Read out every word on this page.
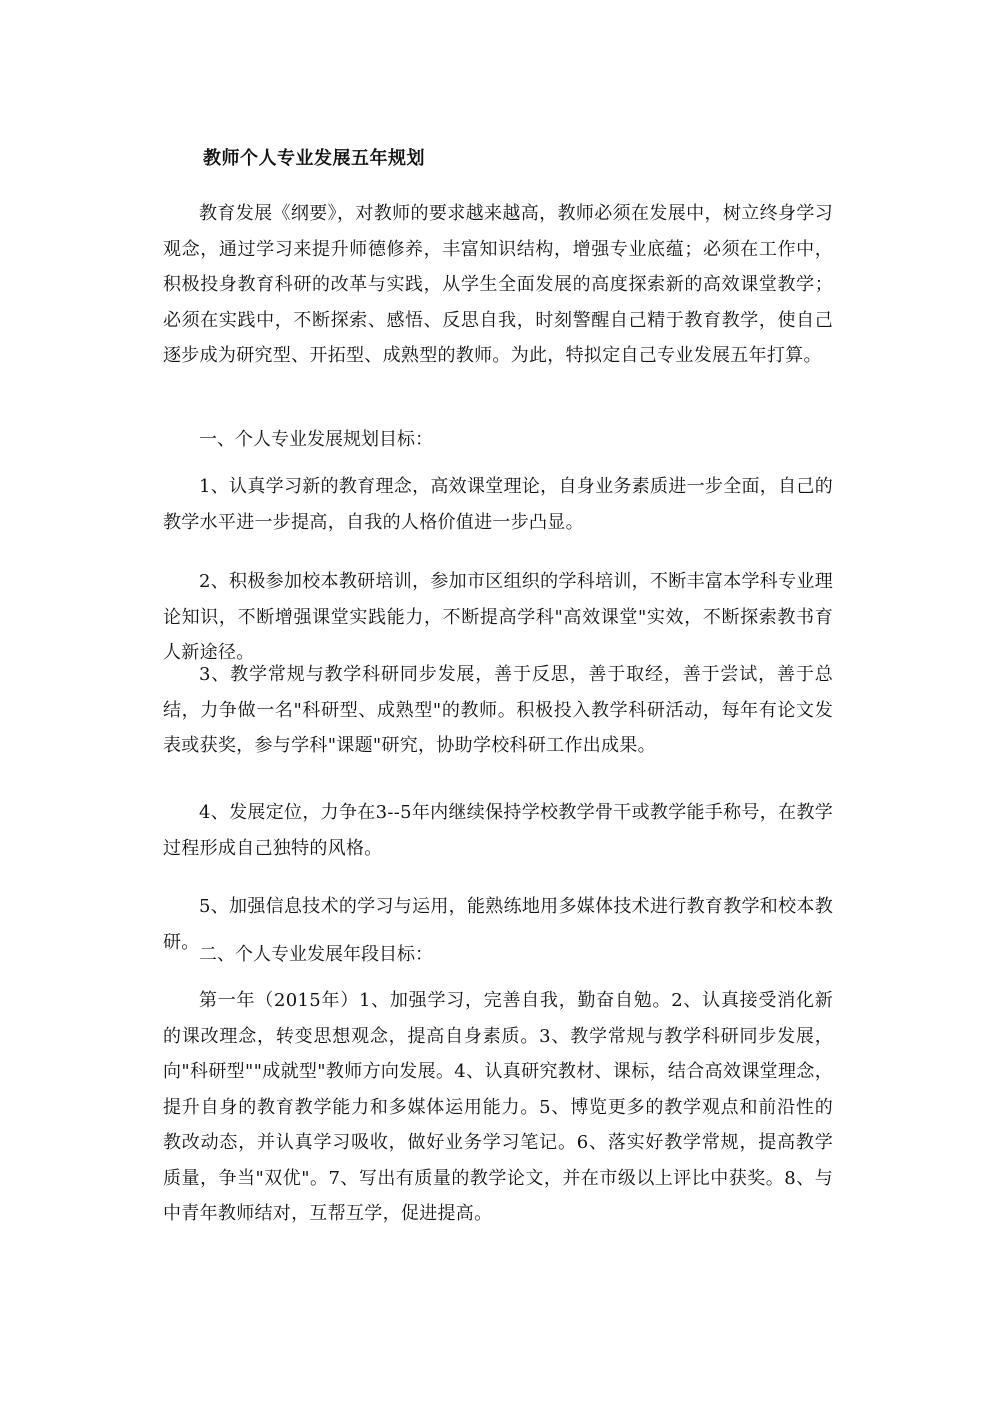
教师个人专业发展五年规划
教育发展《纲要》，对教师的要求越来越高，教师必须在发展中，树立终身学习观念，通过学习来提升师德修养，丰富知识结构，增强专业底蕴；必须在工作中，积极投身教育科研的改革与实践，从学生全面发展的高度探索新的高效课堂教学；必须在实践中，不断探索、感悟、反思自我，时刻警醒自己精于教育教学，使自己逐步成为研究型、开拓型、成熟型的教师。为此，特拟定自己专业发展五年打算。
一、个人专业发展规划目标：
1、认真学习新的教育理念，高效课堂理论，自身业务素质进一步全面，自己的教学水平进一步提高，自我的人格价值进一步凸显。
2、积极参加校本教研培训，参加市区组织的学科培训，不断丰富本学科专业理论知识，不断增强课堂实践能力，不断提高学科"高效课堂"实效，不断探索教书育人新途径。
3、教学常规与教学科研同步发展，善于反思，善于取经，善于尝试，善于总结，力争做一名"科研型、成熟型"的教师。积极投入教学科研活动，每年有论文发表或获奖，参与学科"课题"研究，协助学校科研工作出成果。
4、发展定位，力争在3--5年内继续保持学校教学骨干或教学能手称号，在教学过程形成自己独特的风格。
5、加强信息技术的学习与运用，能熟练地用多媒体技术进行教育教学和校本教研。
二、个人专业发展年段目标：
第一年（2015年）1、加强学习，完善自我，勤奋自勉。2、认真接受消化新的课改理念，转变思想观念，提高自身素质。3、教学常规与教学科研同步发展，向"科研型""成就型"教师方向发展。4、认真研究教材、课标，结合高效课堂理念，提升自身的教育教学能力和多媒体运用能力。5、博览更多的教学观点和前沿性的教改动态，并认真学习吸收，做好业务学习笔记。6、落实好教学常规，提高教学质量，争当"双优"。7、写出有质量的教学论文，并在市级以上评比中获奖。8、与中青年教师结对，互帮互学，促进提高。
